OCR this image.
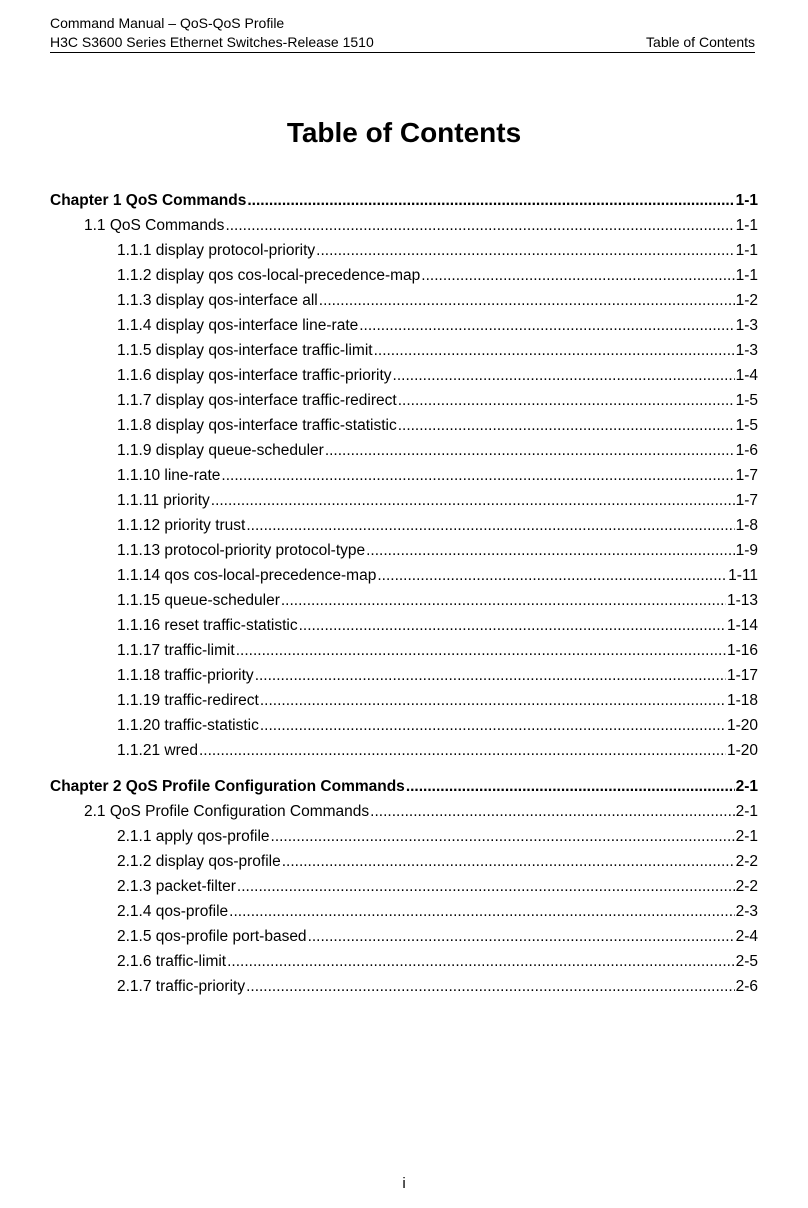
Command Manual – QoS-QoS Profile
H3C S3600 Series Ethernet Switches-Release 1510	Table of Contents
Table of Contents
Chapter 1 QoS Commands .....	1-1
1.1 QoS Commands .....	1-1
1.1.1 display protocol-priority .....	1-1
1.1.2 display qos cos-local-precedence-map .....	1-1
1.1.3 display qos-interface all .....	1-2
1.1.4 display qos-interface line-rate .....	1-3
1.1.5 display qos-interface traffic-limit .....	1-3
1.1.6 display qos-interface traffic-priority .....	1-4
1.1.7 display qos-interface traffic-redirect .....	1-5
1.1.8 display qos-interface traffic-statistic .....	1-5
1.1.9 display queue-scheduler .....	1-6
1.1.10 line-rate .....	1-7
1.1.11 priority .....	1-7
1.1.12 priority trust .....	1-8
1.1.13 protocol-priority protocol-type .....	1-9
1.1.14 qos cos-local-precedence-map .....	1-11
1.1.15 queue-scheduler .....	1-13
1.1.16 reset traffic-statistic .....	1-14
1.1.17 traffic-limit .....	1-16
1.1.18 traffic-priority .....	1-17
1.1.19 traffic-redirect .....	1-18
1.1.20 traffic-statistic .....	1-20
1.1.21 wred .....	1-20
Chapter 2 QoS Profile Configuration Commands .....	2-1
2.1 QoS Profile Configuration Commands .....	2-1
2.1.1 apply qos-profile .....	2-1
2.1.2 display qos-profile .....	2-2
2.1.3 packet-filter .....	2-2
2.1.4 qos-profile .....	2-3
2.1.5 qos-profile port-based .....	2-4
2.1.6 traffic-limit .....	2-5
2.1.7 traffic-priority .....	2-6
i
